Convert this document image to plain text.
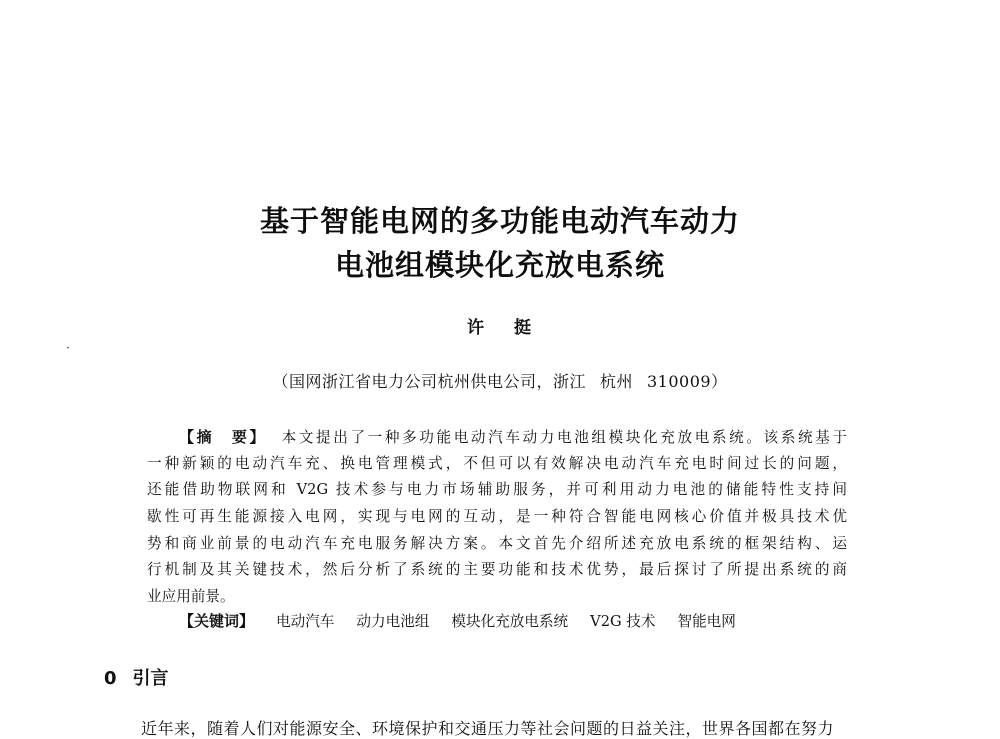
基于智能电网的多功能电动汽车动力
电池组模块化充放电系统
许 挺
·
（国网浙江省电力公司杭州供电公司，浙江 杭州 310009）
【摘　要】 本文提出了一种多功能电动汽车动力电池组模块化充放电系统。该系统基于
一种新颖的电动汽车充、换电管理模式，不但可以有效解决电动汽车充电时间过长的问题，
还能借助物联网和 V2G 技术参与电力市场辅助服务，并可利用动力电池的储能特性支持间
歇性可再生能源接入电网，实现与电网的互动，是一种符合智能电网核心价值并极具技术优
势和商业前景的电动汽车充电服务解决方案。本文首先介绍所述充放电系统的框架结构、运
行机制及其关键技术，然后分析了系统的主要功能和技术优势，最后探讨了所提出系统的商
业应用前景。
【关键词】 电动汽车 动力电池组 模块化充放电系统 V2G 技术 智能电网
0 引言
近年来，随着人们对能源安全、环境保护和交通压力等社会问题的日益关注，世界各国都在努力
